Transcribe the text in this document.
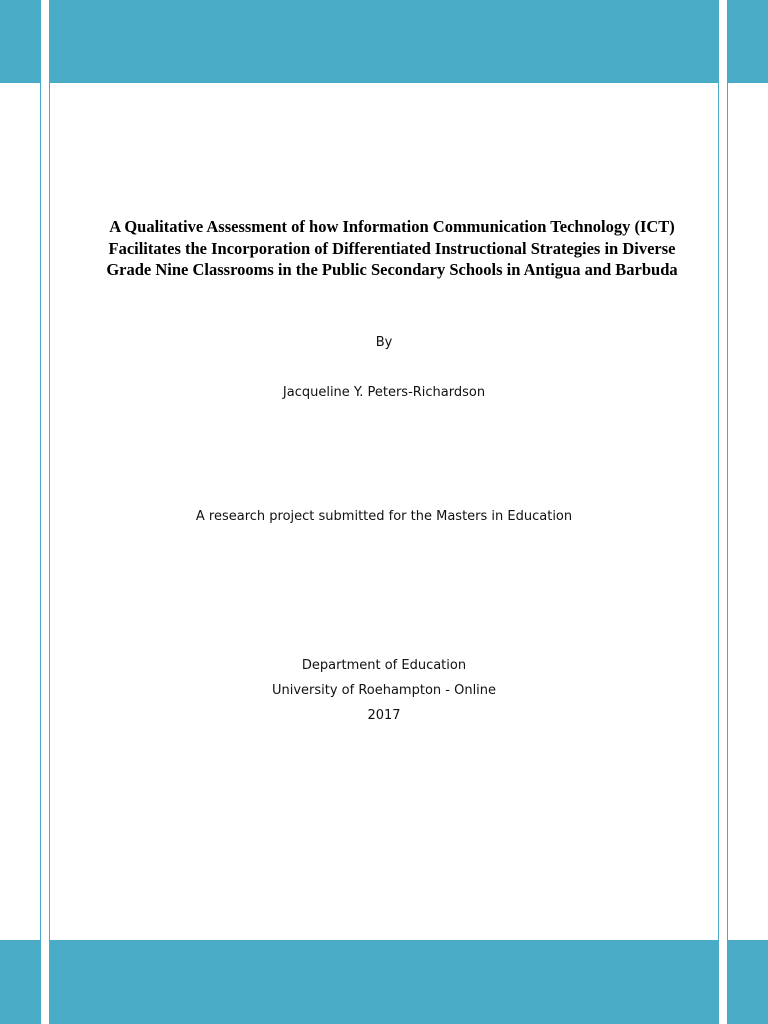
A Qualitative Assessment of how Information Communication Technology (ICT) Facilitates the Incorporation of Differentiated Instructional Strategies in Diverse Grade Nine Classrooms in the Public Secondary Schools in Antigua and Barbuda
By
Jacqueline Y. Peters-Richardson
A research project submitted for the Masters in Education
Department of Education
University of Roehampton - Online
2017
